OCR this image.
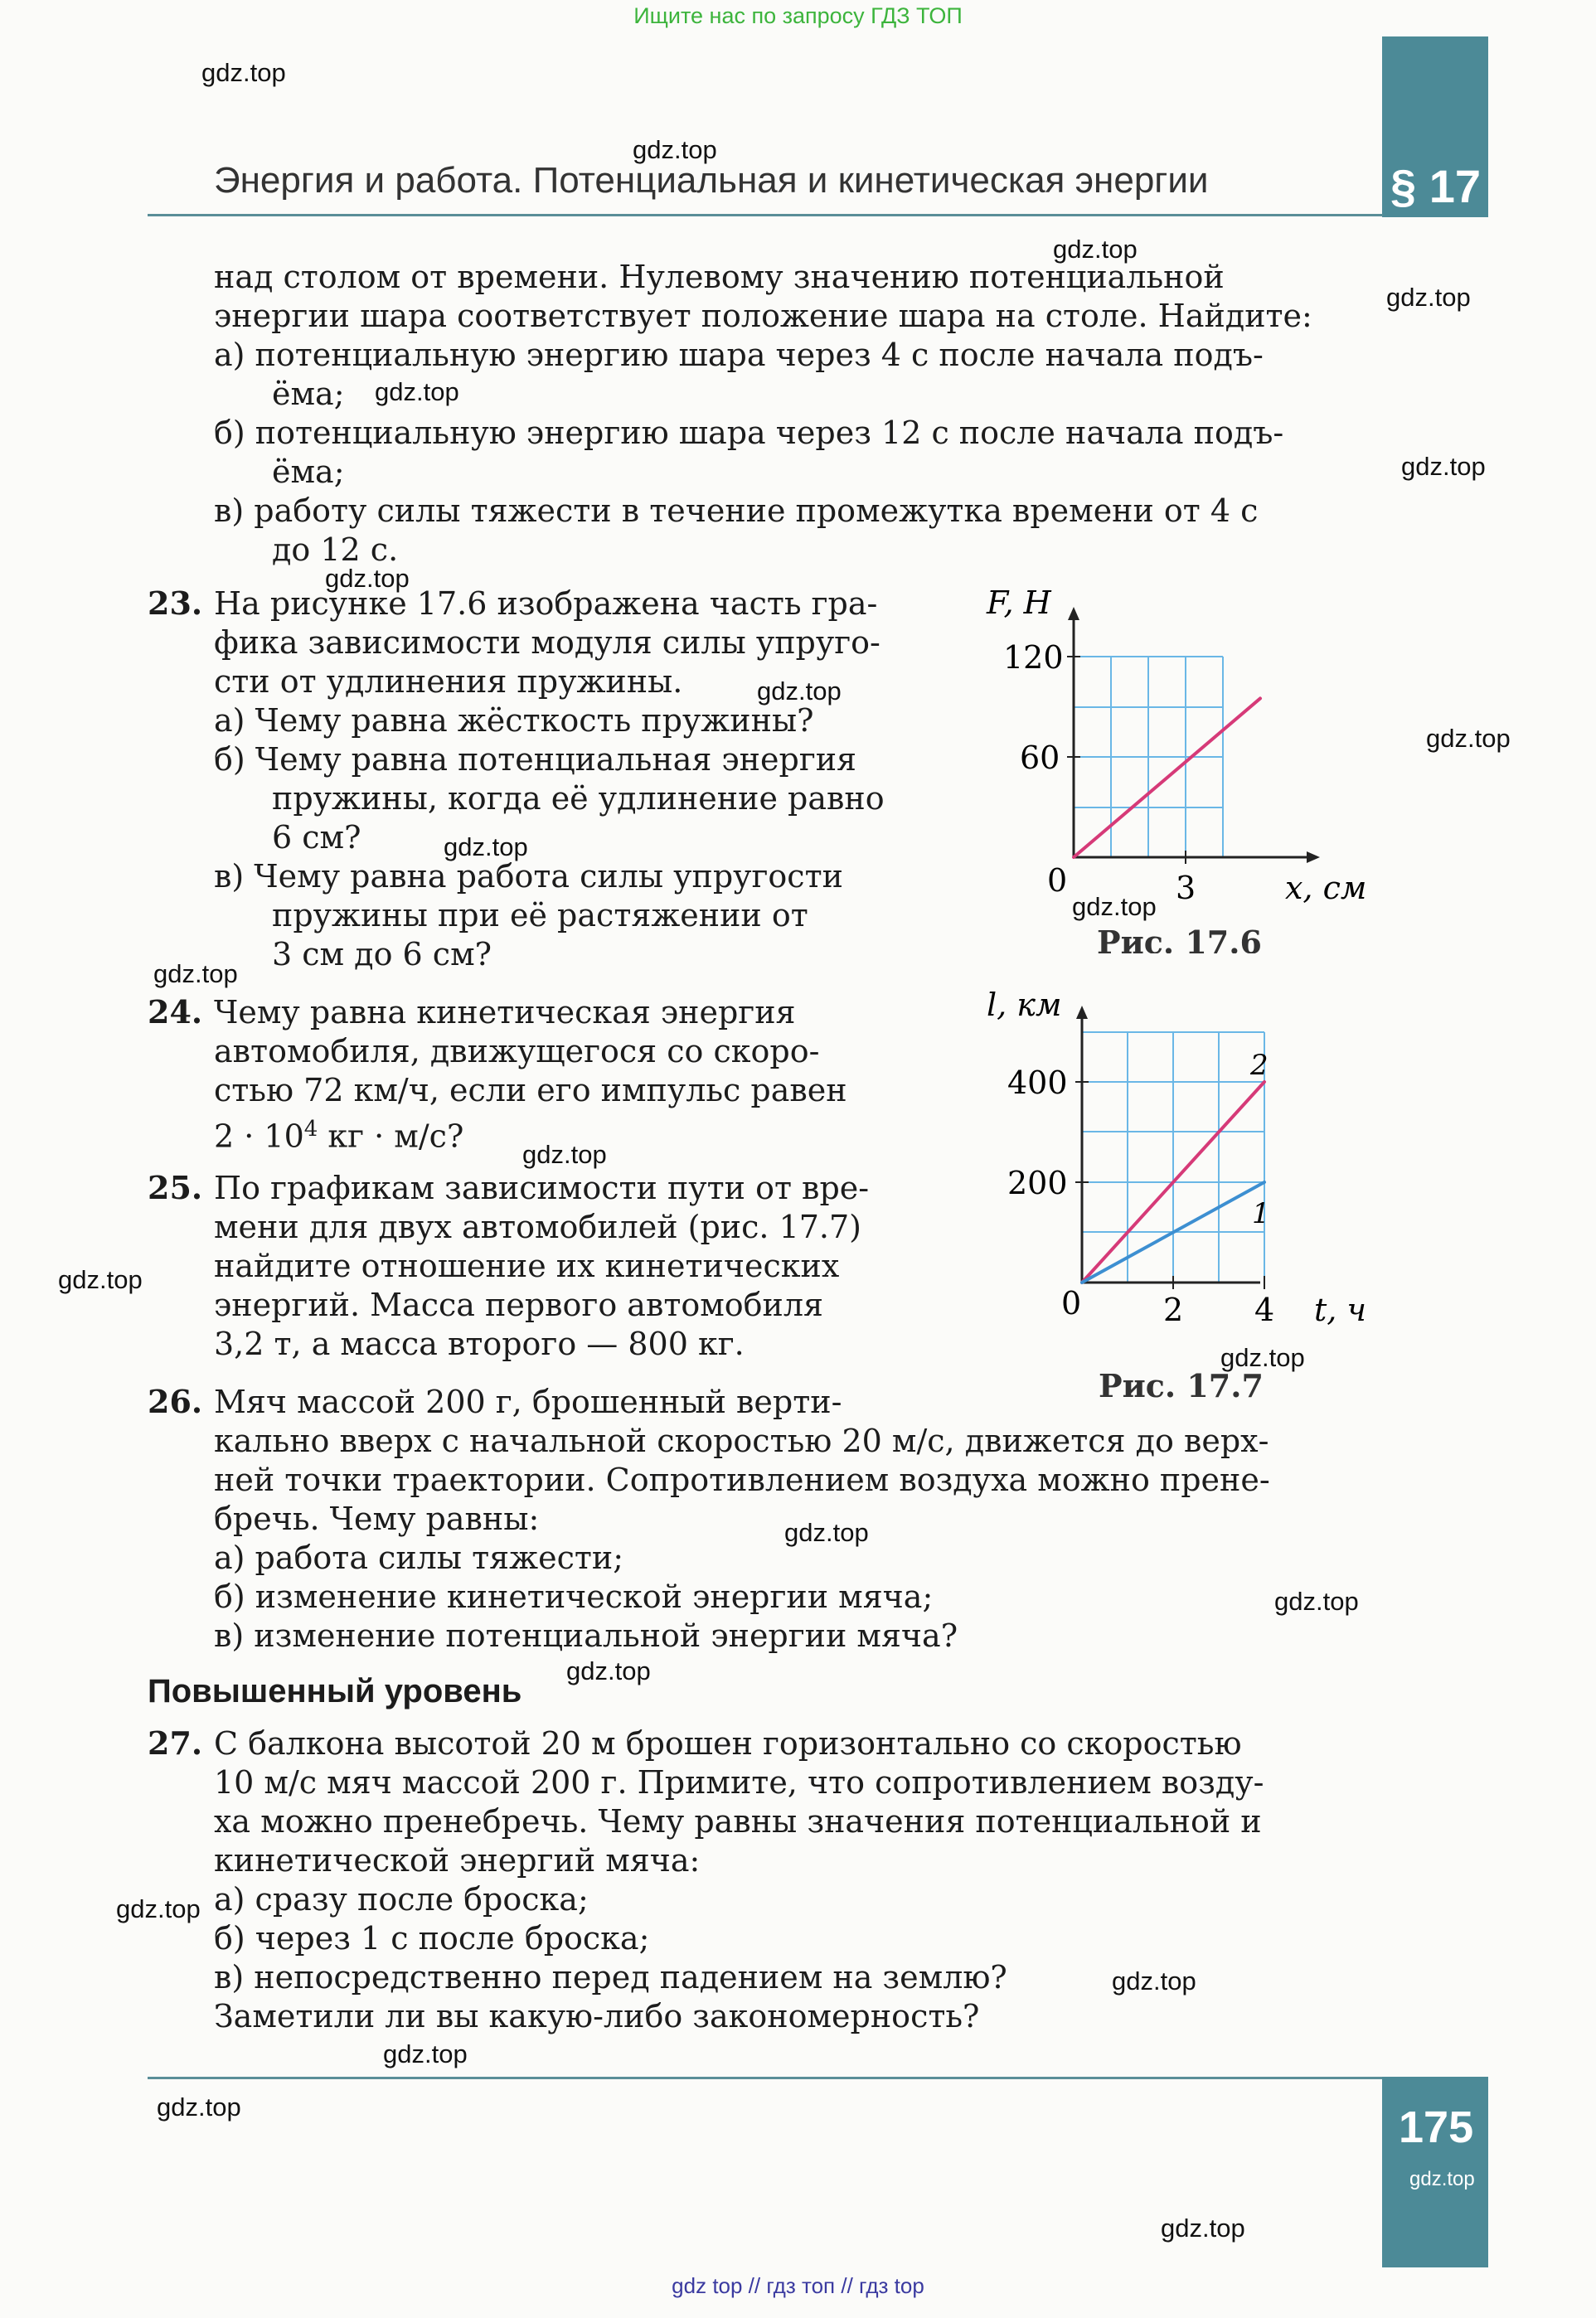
Ищите нас по запросу ГДЗ ТОП
§ 17
Энергия и работа. Потенциальная и кинетическая энергии
над столом от времени. Нулевому значению потенциальной
энергии шара соответствует положение шара на столе. Найдите:
а) потенциальную энергию шара через 4 с после начала подъ-
ёма;
б) потенциальную энергию шара через 12 с после начала подъ-
ёма;
в) работу силы тяжести в течение промежутка времени от 4 с
до 12 с.
23. На рисунке 17.6 изображена часть гра-
фика зависимости модуля силы упруго-
сти от удлинения пружины.
а) Чему равна жёсткость пружины?
б) Чему равна потенциальная энергия
пружины, когда её удлинение равно
6 см?
в) Чему равна работа силы упругости
пружины при её растяжении от
3 см до 6 см?
F, Н
120
60
0	3	x, см
Рис. 17.6
24. Чему равна кинетическая энергия
автомобиля, движущегося со скоро-
стью 72 км/ч, если его импульс равен
$2 \cdot 10^4$ кг · м/с?
25. По графикам зависимости пути от вре-
мени для двух автомобилей (рис. 17.7)
найдите отношение их кинетических
энергий. Масса первого автомобиля
3,2 т, а масса второго — 800 кг.
2
1
l, км
400
200
0	2 4 t, ч
Рис. 17.7
26. Мяч массой 200 г, брошенный верти-
кально вверх с начальной скоростью 20 м/с, движется до верх-
ней точки траектории. Сопротивлением воздуха можно прене-
бречь. Чему равны:
а) работа силы тяжести;
б) изменение кинетической энергии мяча;
в) изменение потенциальной энергии мяча?
Повышенный уровень
27. С балкона высотой 20 м брошен горизонтально со скоростью
10 м/с мяч массой 200 г. Примите, что сопротивлением возду-
ха можно пренебречь. Чему равны значения потенциальной и
кинетической энергий мяча:
а) сразу после броска;
б) через 1 с после броска;
в) непосредственно перед падением на землю?
Заметили ли вы какую-либо закономерность?
175
gdz.top
gdz.top
gdz.top
gdz.top
gdz.top
gdz.top
gdz.top
gdz.top
gdz.top
gdz.top
gdz.top
gdz.top
gdz.top
gdz.top
gdz.top
gdz.top
gdz.top
gdz.top
gdz.top
gdz.top
gdz.top
gdz.top
gdz.top
gdz.top
gdz top // гдз топ // гдз top
